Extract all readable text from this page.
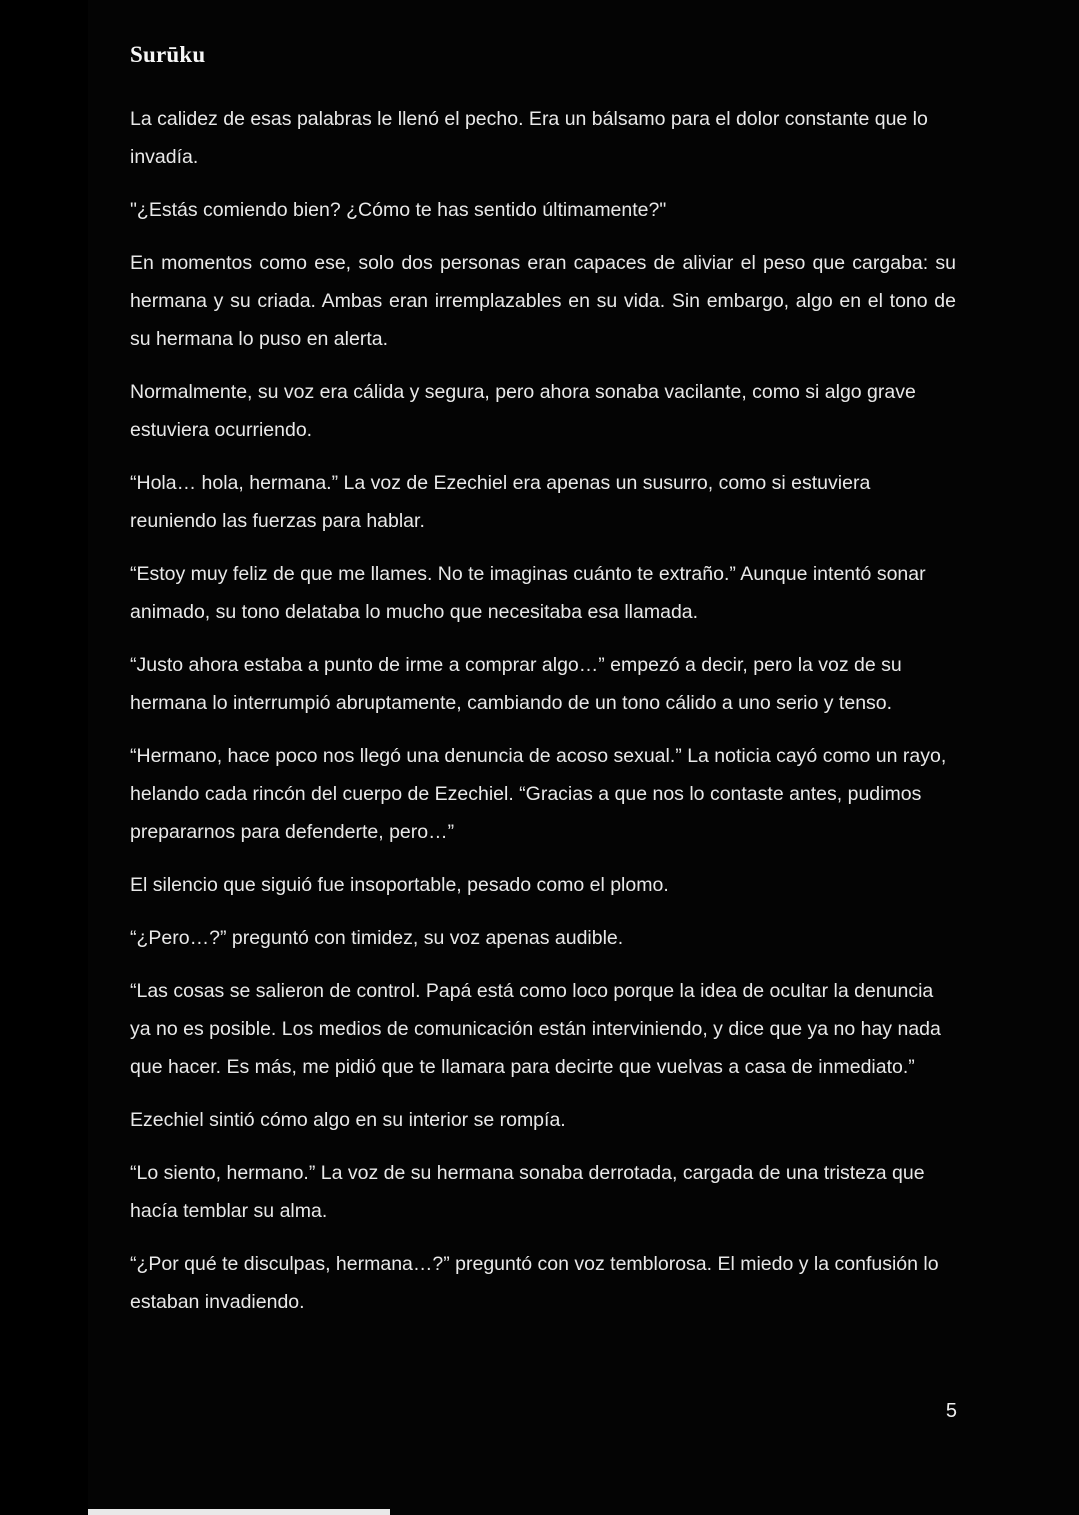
Surūku

La calidez de esas palabras le llenó el pecho. Era un bálsamo para el dolor constante que lo invadía.

"¿Estás comiendo bien? ¿Cómo te has sentido últimamente?"

En momentos como ese, solo dos personas eran capaces de aliviar el peso que cargaba: su hermana y su criada. Ambas eran irremplazables en su vida. Sin embargo, algo en el tono de su hermana lo puso en alerta.

Normalmente, su voz era cálida y segura, pero ahora sonaba vacilante, como si algo grave estuviera ocurriendo.

“Hola… hola, hermana.” La voz de Ezechiel era apenas un susurro, como si estuviera reuniendo las fuerzas para hablar.

“Estoy muy feliz de que me llames. No te imaginas cuánto te extraño.” Aunque intentó sonar animado, su tono delataba lo mucho que necesitaba esa llamada.

“Justo ahora estaba a punto de irme a comprar algo…” empezó a decir, pero la voz de su hermana lo interrumpió abruptamente, cambiando de un tono cálido a uno serio y tenso.

“Hermano, hace poco nos llegó una denuncia de acoso sexual.” La noticia cayó como un rayo, helando cada rincón del cuerpo de Ezechiel. “Gracias a que nos lo contaste antes, pudimos prepararnos para defenderte, pero…”

El silencio que siguió fue insoportable, pesado como el plomo.

“¿Pero…?” preguntó con timidez, su voz apenas audible.

“Las cosas se salieron de control. Papá está como loco porque la idea de ocultar la denuncia ya no es posible. Los medios de comunicación están interviniendo, y dice que ya no hay nada que hacer. Es más, me pidió que te llamara para decirte que vuelvas a casa de inmediato.”

Ezechiel sintió cómo algo en su interior se rompía.

“Lo siento, hermano.” La voz de su hermana sonaba derrotada, cargada de una tristeza que hacía temblar su alma.

“¿Por qué te disculpas, hermana…?” preguntó con voz temblorosa. El miedo y la confusión lo estaban invadiendo.

5
